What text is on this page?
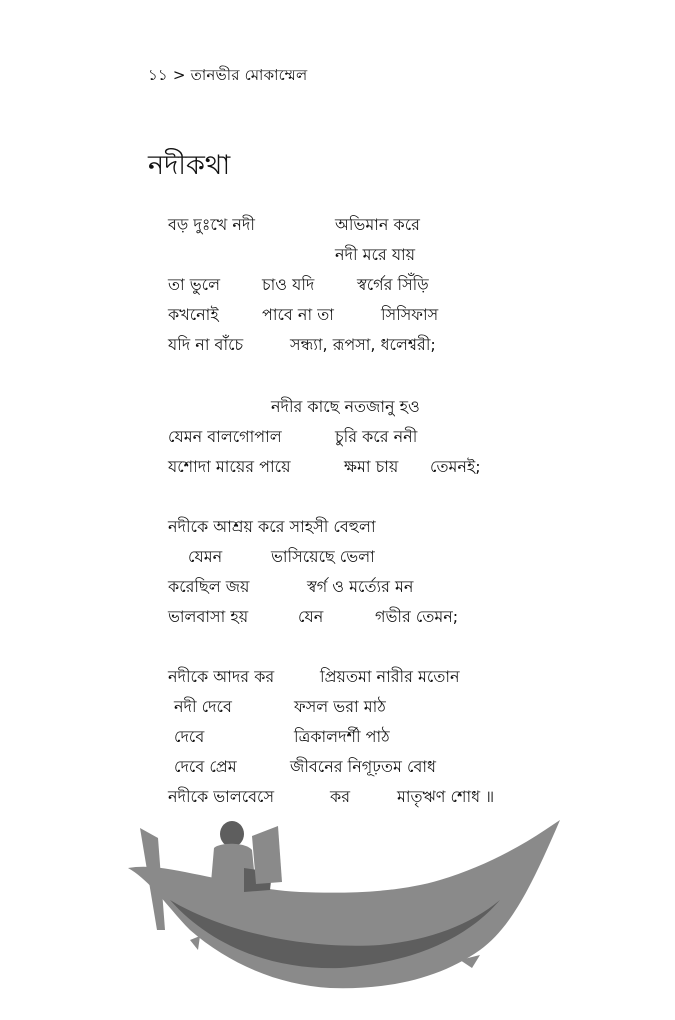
১১ > তানভীর মোকাম্মেল
নদীকথা
বড় দুঃখে নদী	অভিমান করে
নদী মরে যায়
তা ভুলে	চাও যদি	স্বর্গের সিঁড়ি
কখনোই	পাবে না তা	সিসিফাস
যদি না বাঁচে	সন্ধ্যা, রূপসা, ধলেশ্বরী;
নদীর কাছে নতজানু হও
যেমন বালগোপাল	চুরি করে ননী
যশোদা মায়ের পায়ে	ক্ষমা চায় তেমনই;
নদীকে আশ্রয় করে সাহসী বেহুলা
যেমন	ভাসিয়েছে ভেলা
করেছিল জয়	স্বর্গ ও মর্ত্যের মন
ভালবাসা হয়	যেন	গভীর তেমন;
নদীকে আদর কর	প্রিয়তমা নারীর মতোন
নদী দেবে	ফসল ভরা মাঠ
দেবে	ত্রিকালদর্শী পাঠ
দেবে প্রেম	জীবনের নিগূঢ়তম বোধ
নদীকে ভালবেসে	কর	মাতৃঋণ শোধ ॥
